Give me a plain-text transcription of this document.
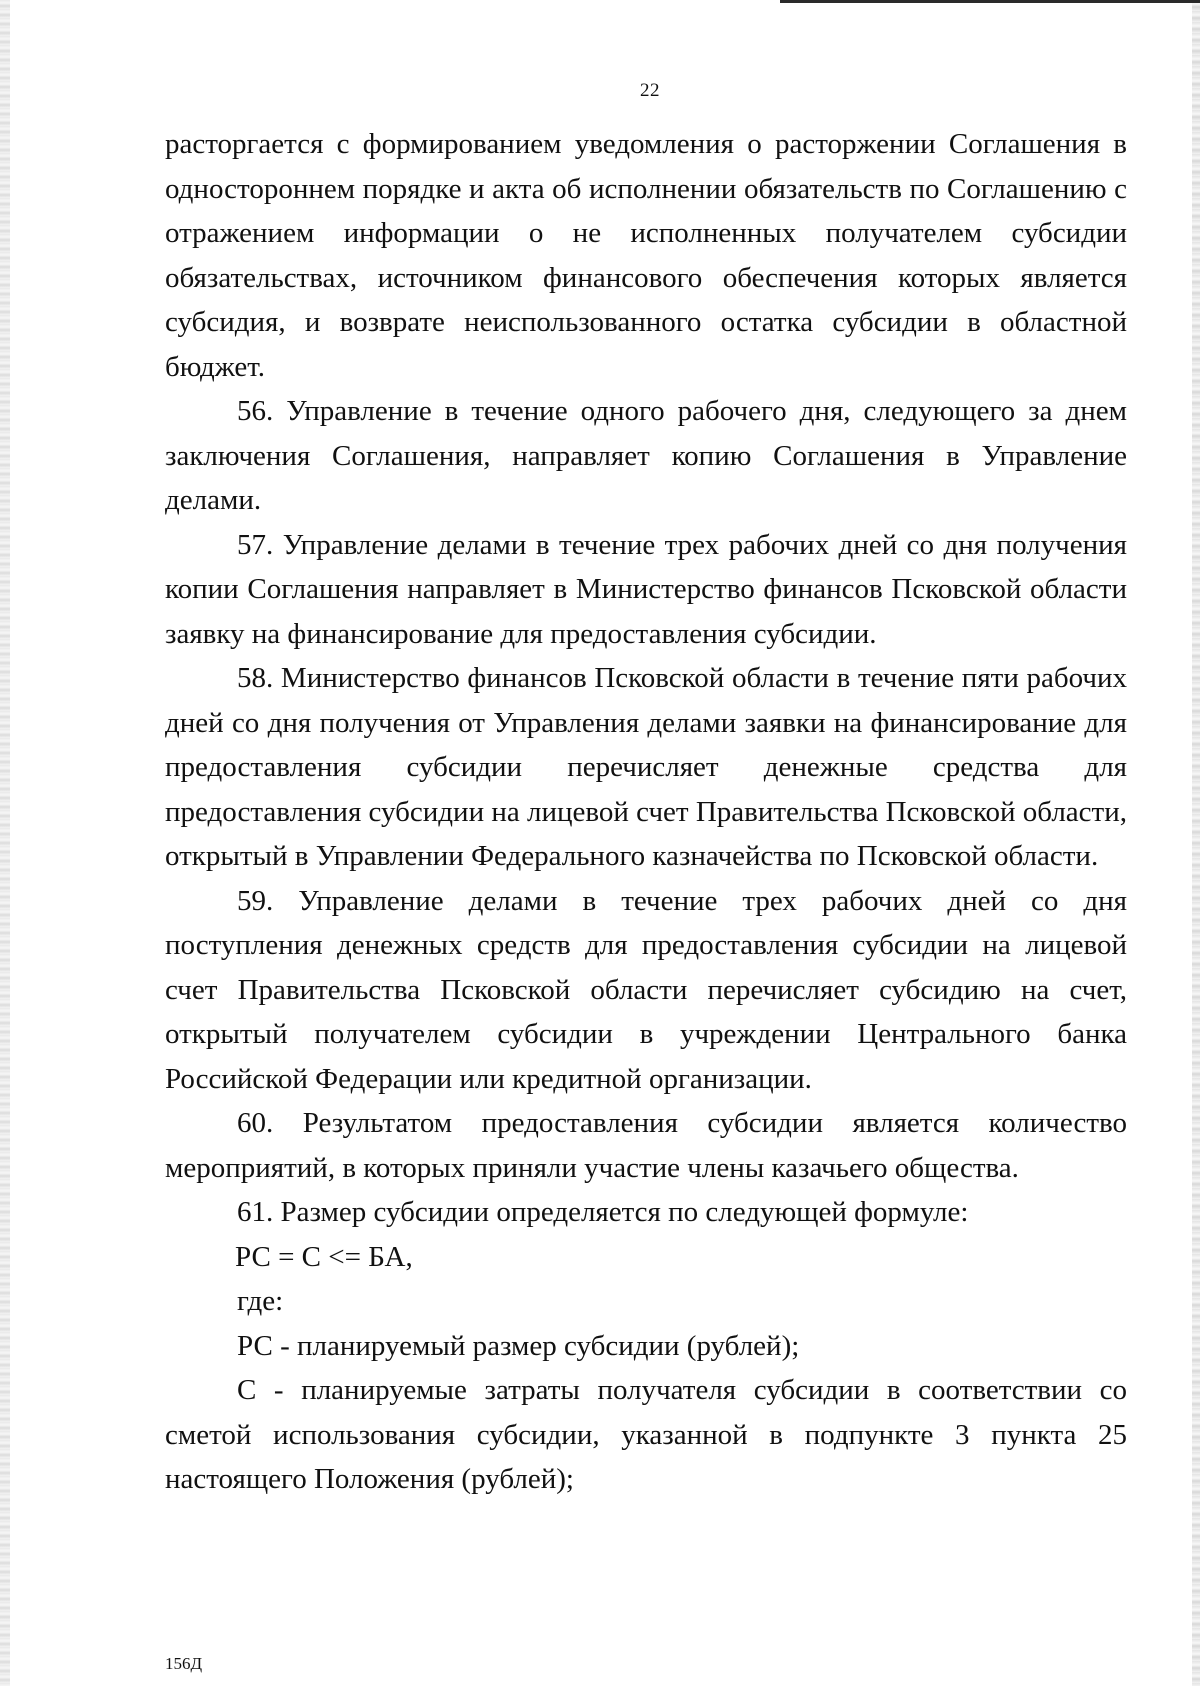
22

расторгается с формированием уведомления о расторжении Соглашения в одностороннем порядке и акта об исполнении обязательств по Соглашению с отражением информации о не исполненных получателем субсидии обязательствах, источником финансового обеспечения которых является субсидия, и возврате неиспользованного остатка субсидии в областной бюджет.

56. Управление в течение одного рабочего дня, следующего за днем заключения Соглашения, направляет копию Соглашения в Управление делами.

57. Управление делами в течение трех рабочих дней со дня получения копии Соглашения направляет в Министерство финансов Псковской области заявку на финансирование для предоставления субсидии.

58. Министерство финансов Псковской области в течение пяти рабочих дней со дня получения от Управления делами заявки на финансирование для предоставления субсидии перечисляет денежные средства для предоставления субсидии на лицевой счет Правительства Псковской области, открытый в Управлении Федерального казначейства по Псковской области.

59. Управление делами в течение трех рабочих дней со дня поступления денежных средств для предоставления субсидии на лицевой счет Правительства Псковской области перечисляет субсидию на счет, открытый получателем субсидии в учреждении Центрального банка Российской Федерации или кредитной организации.

60. Результатом предоставления субсидии является количество мероприятий, в которых приняли участие члены казачьего общества.

61. Размер субсидии определяется по следующей формуле:

РС = С <= БА,

где:

РС - планируемый размер субсидии (рублей);

С - планируемые затраты получателя субсидии в соответствии со сметой использования субсидии, указанной в подпункте 3 пункта 25 настоящего Положения (рублей);

156Д
